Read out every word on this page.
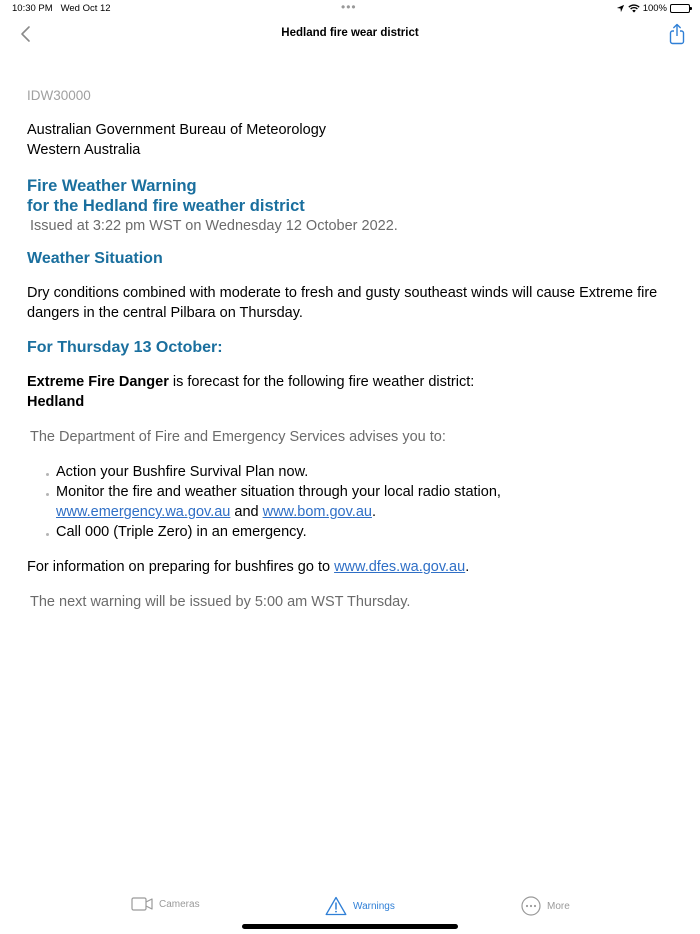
10:30 PM Wed Oct 12	•••	100%
Hedland fire wear district
IDW30000
Australian Government Bureau of Meteorology
Western Australia
Fire Weather Warning
for the Hedland fire weather district
Issued at 3:22 pm WST on Wednesday 12 October 2022.
Weather Situation
Dry conditions combined with moderate to fresh and gusty southeast winds will cause Extreme fire dangers in the central Pilbara on Thursday.
For Thursday 13 October:
Extreme Fire Danger is forecast for the following fire weather district:
Hedland
The Department of Fire and Emergency Services advises you to:
Action your Bushfire Survival Plan now.
Monitor the fire and weather situation through your local radio station,
www.emergency.wa.gov.au and www.bom.gov.au.
Call 000 (Triple Zero) in an emergency.
For information on preparing for bushfires go to www.dfes.wa.gov.au.
The next warning will be issued by 5:00 am WST Thursday.
Cameras	Warnings	More
